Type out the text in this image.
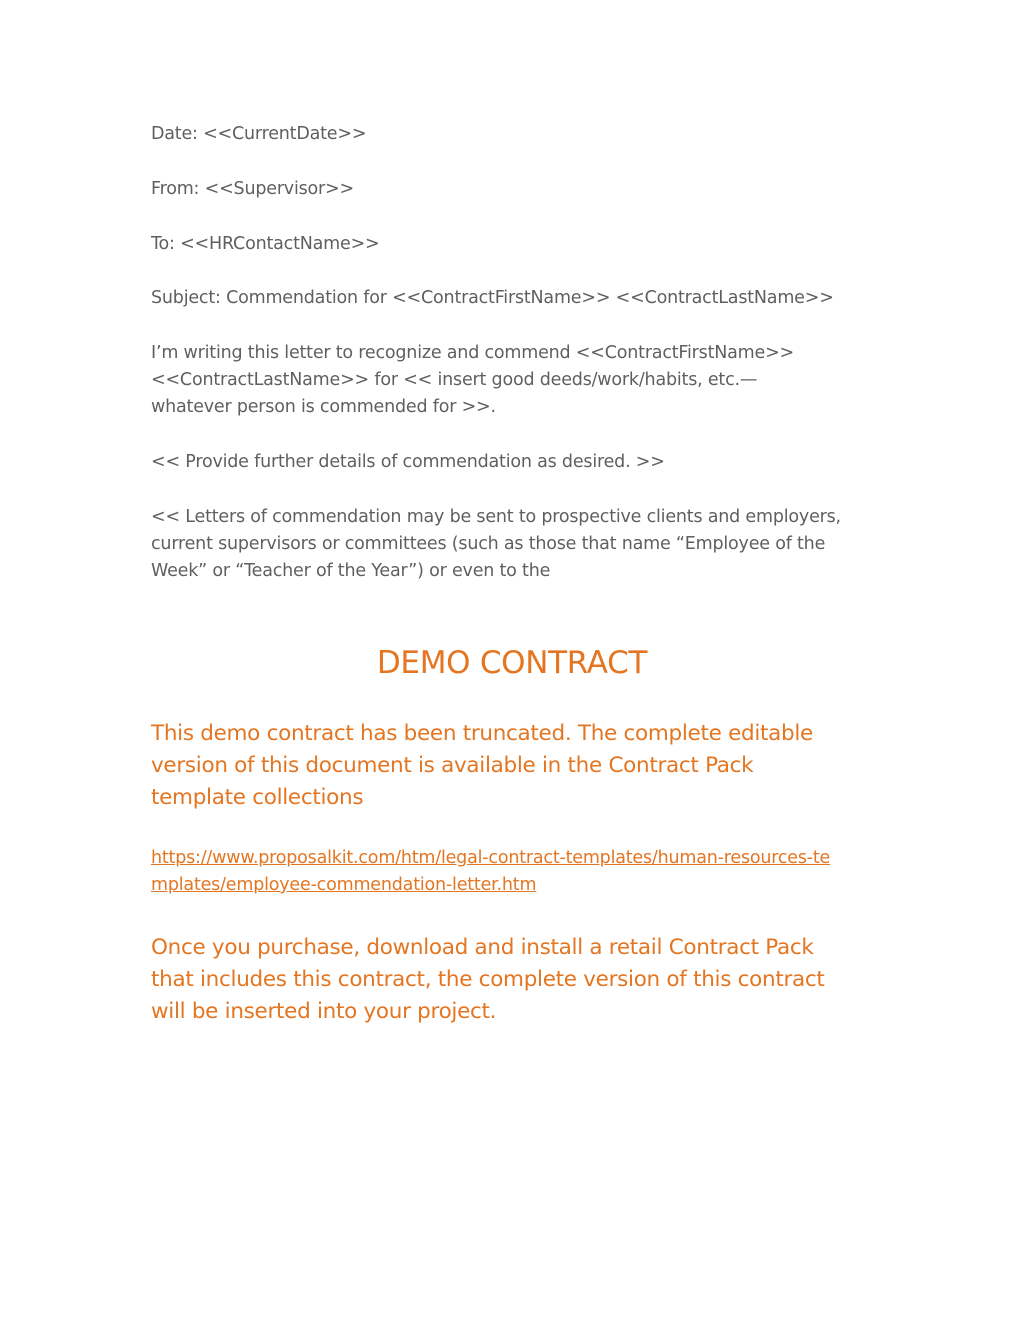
Date: <<CurrentDate>>

From: <<Supervisor>>

To: <<HRContactName>>

Subject: Commendation for <<ContractFirstName>> <<ContractLastName>>

I’m writing this letter to recognize and commend <<ContractFirstName>> <<ContractLastName>> for << insert good deeds/work/habits, etc.— whatever person is commended for >>.

<< Provide further details of commendation as desired. >>

<< Letters of commendation may be sent to prospective clients and employers, current supervisors or committees (such as those that name “Employee of the Week” or “Teacher of the Year”) or even to the

DEMO CONTRACT

This demo contract has been truncated. The complete editable version of this document is available in the Contract Pack template collections

https://www.proposalkit.com/htm/legal-contract-templates/human-resources-templates/employee-commendation-letter.htm

Once you purchase, download and install a retail Contract Pack that includes this contract, the complete version of this contract will be inserted into your project.
